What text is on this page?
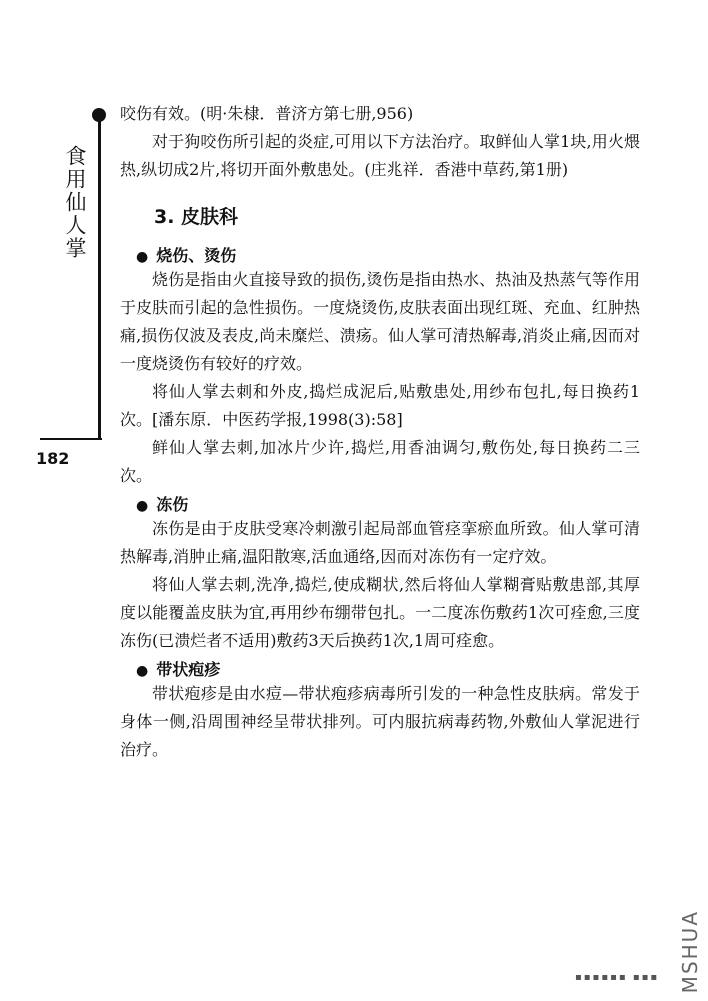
食用仙人掌
182

咬伤有效。(明·朱棣．普济方第七册,956)

对于狗咬伤所引起的炎症,可用以下方法治疗。取鲜仙人掌1块,用火煨热,纵切成2片,将切开面外敷患处。(庄兆祥．香港中草药,第1册)

3. 皮肤科
● 烧伤、烫伤

烧伤是指由火直接导致的损伤,烫伤是指由热水、热油及热蒸气等作用于皮肤而引起的急性损伤。一度烧烫伤,皮肤表面出现红斑、充血、红肿热痛,损伤仅波及表皮,尚未糜烂、溃疡。仙人掌可清热解毒,消炎止痛,因而对一度烧烫伤有较好的疗效。

将仙人掌去刺和外皮,捣烂成泥后,贴敷患处,用纱布包扎,每日换药1次。[潘东原．中医药学报,1998(3):58]

鲜仙人掌去刺,加冰片少许,捣烂,用香油调匀,敷伤处,每日换药二三次。

● 冻伤

冻伤是由于皮肤受寒冷刺激引起局部血管痉挛瘀血所致。仙人掌可清热解毒,消肿止痛,温阳散寒,活血通络,因而对冻伤有一定疗效。

将仙人掌去刺,洗净,捣烂,使成糊状,然后将仙人掌糊膏贴敷患部,其厚度以能覆盖皮肤为宜,再用纱布绷带包扎。一二度冻伤敷药1次可痊愈,三度冻伤(已溃烂者不适用)敷药3天后换药1次,1周可痊愈。

● 带状疱疹

带状疱疹是由水痘—带状疱疹病毒所引发的一种急性皮肤病。常发于身体一侧,沿周围神经呈带状排列。可内服抗病毒药物,外敷仙人掌泥进行治疗。

▪▪▪▪▪▪ ▪▪▪ MSHUA
